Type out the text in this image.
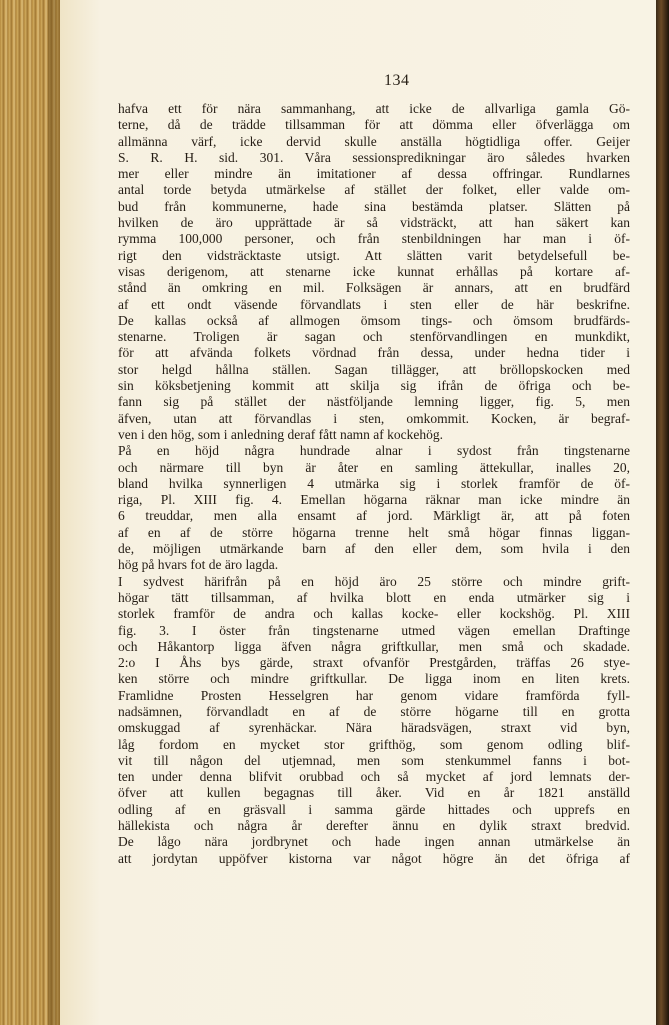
134
hafva ett för nära sammanhang, att icke de allvarliga gamla Gö-
terne, då de trädde tillsamman för att dömma eller öfverlägga om
allmänna värf, icke dervid skulle anställa högtidliga offer. Geijer
S. R. H. sid. 301. Våra sessionspredikningar äro således hvarken
mer eller mindre än imitationer af dessa offringar. Rundlarnes
antal torde betyda utmärkelse af stället der folket, eller valde om-
bud från kommunerne, hade sina bestämda platser. Slätten på
hvilken de äro upprättade är så vidsträckt, att han säkert kan
rymma 100,000 personer, och från stenbildningen har man i öf-
rigt den vidsträcktaste utsigt. Att slätten varit betydelsefull be-
visas derigenom, att stenarne icke kunnat erhållas på kortare af-
stånd än omkring en mil. Folksägen är annars, att en brudfärd
af ett ondt väsende förvandlats i sten eller de här beskrifne.
De kallas också af allmogen ömsom tings- och ömsom brudfärds-
stenarne. Troligen är sagan och stenförvandlingen en munkdikt,
för att afvända folkets vördnad från dessa, under hedna tider i
stor helgd hållna ställen. Sagan tillägger, att bröllopskocken med
sin köksbetjening kommit att skilja sig ifrån de öfriga och be-
fann sig på stället der nästföljande lemning ligger, fig. 5, men
äfven, utan att förvandlas i sten, omkommit. Kocken, är begraf-
ven i den hög, som i anledning deraf fått namn af kockehög.
På en höjd några hundrade alnar i sydost från tingstenarne
och närmare till byn är åter en samling ättekullar, inalles 20,
bland hvilka synnerligen 4 utmärka sig i storlek framför de öf-
riga, Pl. XIII fig. 4. Emellan högarna räknar man icke mindre än
6 treuddar, men alla ensamt af jord. Märkligt är, att på foten
af en af de större högarna trenne helt små högar finnas liggan-
de, möjligen utmärkande barn af den eller dem, som hvila i den
hög på hvars fot de äro lagda.
I sydvest härifrån på en höjd äro 25 större och mindre grift-
högar tätt tillsamman, af hvilka blott en enda utmärker sig i
storlek framför de andra och kallas kocke- eller kockshög. Pl. XIII
fig. 3. I öster från tingstenarne utmed vägen emellan Draftinge
och Håkantorp ligga äfven några griftkullar, men små och skadade.
2:o I Åhs bys gärde, straxt ofvanför Prestgården, träffas 26 stye-
ken större och mindre griftkullar. De ligga inom en liten krets.
Framlidne Prosten Hesselgren har genom vidare framförda fyll-
nadsämnen, förvandladt en af de större högarne till en grotta
omskuggad af syrenhäckar. Nära häradsvägen, straxt vid byn,
låg fordom en mycket stor grifthög, som genom odling blif-
vit till någon del utjemnad, men som stenkummel fanns i bot-
ten under denna blifvit orubbad och så mycket af jord lemnats der-
öfver att kullen begagnas till åker. Vid en år 1821 anställd
odling af en gräsvall i samma gärde hittades och upprefs en
hällekista och några år derefter ännu en dylik straxt bredvid.
De lågo nära jordbrynet och hade ingen annan utmärkelse än
att jordytan uppöfver kistorna var något högre än det öfriga af
